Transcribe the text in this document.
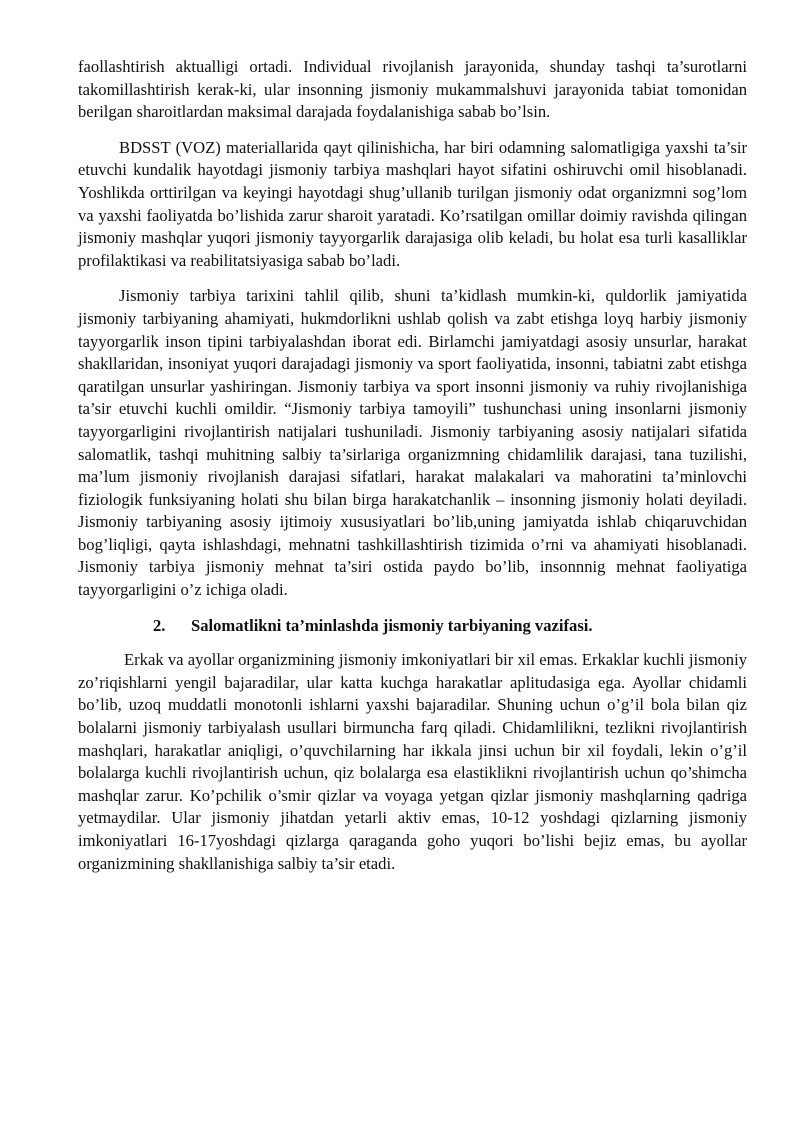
faollashtirish aktualligi ortadi. Individual rivojlanish jarayonida, shunday tashqi ta’surotlarni takomillashtirish kerak-ki, ular insonning jismoniy mukammalshuvi jarayonida tabiat tomonidan berilgan sharoitlardan maksimal darajada foydalanishiga sabab bo’lsin.

BDSST (VOZ) materiallarida qayt qilinishicha, har biri odamning salomatligiga yaxshi ta’sir etuvchi kundalik hayotdagi jismoniy tarbiya mashqlari hayot sifatini oshiruvchi omil hisoblanadi. Yoshlikda orttirilgan va keyingi hayotdagi shug’ullanib turilgan jismoniy odat organizmni sog’lom va yaxshi faoliyatda bo’lishida zarur sharoit yaratadi. Ko’rsatilgan omillar doimiy ravishda qilingan jismoniy mashqlar yuqori jismoniy tayyorgarlik darajasiga olib keladi, bu holat esa turli kasalliklar profilaktikasi va reabilitatsiyasiga sabab bo’ladi.

Jismoniy tarbiya tarixini tahlil qilib, shuni ta’kidlash mumkin-ki, quldorlik jamiyatida jismoniy tarbiyaning ahamiyati, hukmdorlikni ushlab qolish va zabt etishga loyq harbiy jismoniy tayyorgarlik inson tipini tarbiyalashdan iborat edi. Birlamchi jamiyatdagi asosiy unsurlar, harakat shakllaridan, insoniyat yuqori darajadagi jismoniy va sport faoliyatida, insonni, tabiatni zabt etishga qaratilgan unsurlar yashiringan. Jismoniy tarbiya va sport insonni jismoniy va ruhiy rivojlanishiga ta’sir etuvchi kuchli omildir. “Jismoniy tarbiya tamoyili” tushunchasi uning insonlarni jismoniy tayyorgarligini rivojlantirish natijalari tushuniladi. Jismoniy tarbiyaning asosiy natijalari sifatida salomatlik, tashqi muhitning salbiy ta’sirlariga organizmning chidamlilik darajasi, tana tuzilishi, ma’lum jismoniy rivojlanish darajasi sifatlari, harakat malakalari va mahoratini ta’minlovchi fiziologik funksiyaning holati shu bilan birga harakatchanlik – insonning jismoniy holati deyiladi. Jismoniy tarbiyaning asosiy ijtimoiy xususiyatlari bo’lib,uning jamiyatda ishlab chiqaruvchidan bog’liqligi, qayta ishlashdagi, mehnatni tashkillashtirish tizimida o’rni va ahamiyati hisoblanadi. Jismoniy tarbiya jismoniy mehnat ta’siri ostida paydo bo’lib, insonnnig mehnat faoliyatiga tayyorgarligini o’z ichiga oladi.

2. Salomatlikni ta’minlashda jismoniy tarbiyaning vazifasi.

Erkak va ayollar organizmining jismoniy imkoniyatlari bir xil emas. Erkaklar kuchli jismoniy zo’riqishlarni yengil bajaradilar, ular katta kuchga harakatlar aplitudasiga ega. Ayollar chidamli bo’lib, uzoq muddatli monotonli ishlarni yaxshi bajaradilar. Shuning uchun o’g’il bola bilan qiz bolalarni jismoniy tarbiyalash usullari birmuncha farq qiladi. Chidamlilikni, tezlikni rivojlantirish mashqlari, harakatlar aniqligi, o’quvchilarning har ikkala jinsi uchun bir xil foydali, lekin o’g’il bolalarga kuchli rivojlantirish uchun, qiz bolalarga esa elastiklikni rivojlantirish uchun qo’shimcha mashqlar zarur. Ko’pchilik o’smir qizlar va voyaga yetgan qizlar jismoniy mashqlarning qadriga yetmaydilar. Ular jismoniy jihatdan yetarli aktiv emas, 10-12 yoshdagi qizlarning jismoniy imkoniyatlari 16-17yoshdagi qizlarga qaraganda goho yuqori bo’lishi bejiz emas, bu ayollar organizmining shakllanishiga salbiy ta’sir etadi.
